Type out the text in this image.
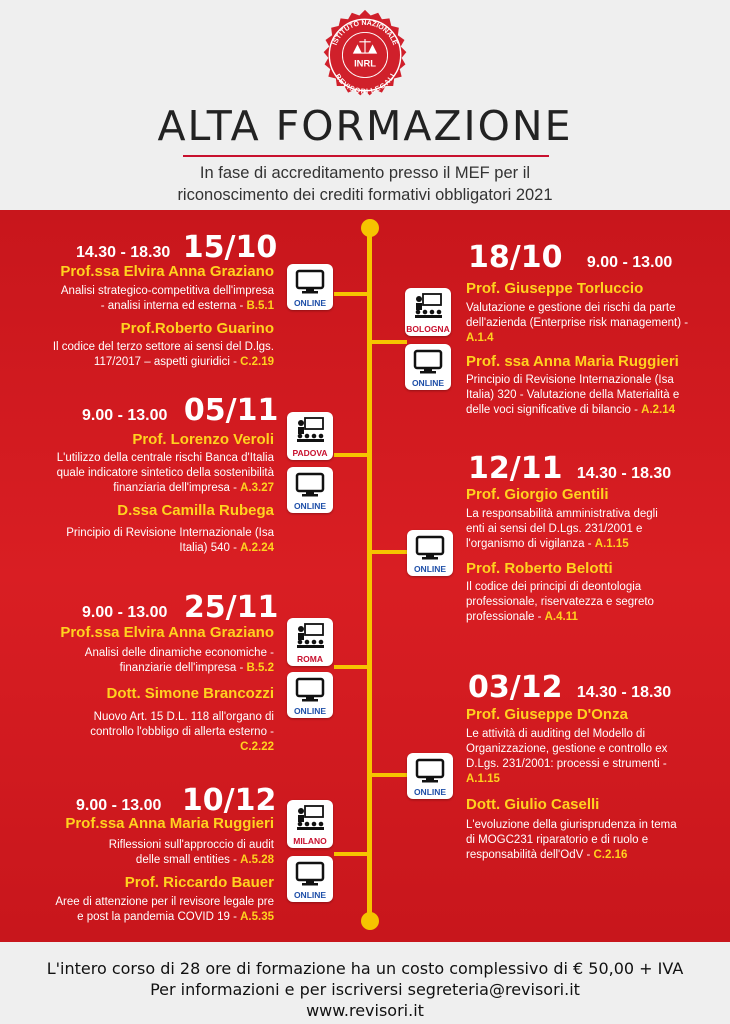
ISTITUTO NAZIONALE
REVISORI LEGALI
INRL
ALTA FORMAZIONE
In fase di accreditamento presso il MEF per il
riconoscimento dei crediti formativi obbligatori 2021
14.30 - 18.30 15/10
Prof.ssa Elvira Anna Graziano
Analisi strategico-competitiva dell'impresa
- analisi interna ed esterna - B.5.1
Prof.Roberto Guarino
Il codice del terzo settore ai sensi del D.lgs.
117/2017 – aspetti giuridici - C.2.19
ONLINE
18/10 9.00 - 13.00
Prof. Giuseppe Torluccio
Valutazione e gestione dei rischi da parte
dell'azienda (Enterprise risk management) -
A.1.4
Prof. ssa Anna Maria Ruggieri
Principio di Revisione Internazionale (Isa
Italia) 320 - Valutazione della Materialità e
delle voci significative di bilancio - A.2.14
BOLOGNA
ONLINE
9.00 - 13.00 05/11
Prof. Lorenzo Veroli
L'utilizzo della centrale rischi Banca d'Italia
quale indicatore sintetico della sostenibilità
finanziaria dell'impresa - A.3.27
D.ssa Camilla Rubega
Principio di Revisione Internazionale (Isa
Italia) 540 - A.2.24
PADOVA
ONLINE
12/11 14.30 - 18.30
Prof. Giorgio Gentili
La responsabilità amministrativa degli
enti ai sensi del D.Lgs. 231/2001 e
l'organismo di vigilanza - A.1.15
Prof. Roberto Belotti
Il codice dei principi di deontologia
professionale, riservatezza e segreto
professionale - A.4.11
ONLINE
9.00 - 13.00 25/11
Prof.ssa Elvira Anna Graziano
Analisi delle dinamiche economiche -
finanziarie dell'impresa - B.5.2
Dott. Simone Brancozzi
Nuovo Art. 15 D.L. 118 all'organo di
controllo l'obbligo di allerta esterno -
C.2.22
ROMA
ONLINE
03/12 14.30 - 18.30
Prof. Giuseppe D'Onza
Le attività di auditing del Modello di
Organizzazione, gestione e controllo ex
D.Lgs. 231/2001: processi e strumenti -
A.1.15
Dott. Giulio Caselli
L'evoluzione della giurisprudenza in tema
di MOGC231 riparatorio e di ruolo e
responsabilità dell'OdV - C.2.16
ONLINE
9.00 - 13.00 10/12
Prof.ssa Anna Maria Ruggieri
Riflessioni sull'approccio di audit
delle small entities - A.5.28
Prof. Riccardo Bauer
Aree di attenzione per il revisore legale pre
e post la pandemia COVID 19 - A.5.35
MILANO
ONLINE
L'intero corso di 28 ore di formazione ha un costo complessivo di € 50,00 + IVA
Per informazioni e per iscriversi segreteria@revisori.it
www.revisori.it
